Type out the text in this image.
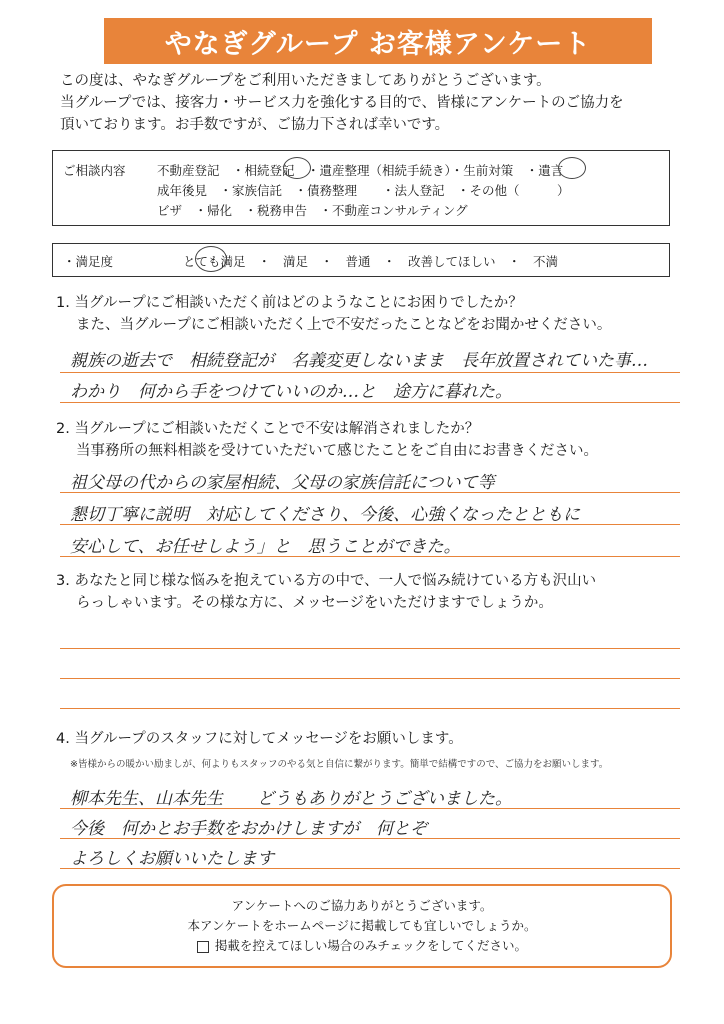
やなぎグループ お客様アンケート
この度は、やなぎグループをご利用いただきましてありがとうございます。
当グループでは、接客力・サービス力を強化する目的で、皆様にアンケートのご協力を
頂いております。お手数ですが、ご協力下されば幸いです。
ご相談内容	不動産登記　・相続登記　・遺産整理（相続手続き）・生前対策　・遺言
成年後見　・家族信託　・債務整理　　・法人登記　・その他（　　　）
ビザ　・帰化　・税務申告　・不動産コンサルティング
・満足度	とても満足　・　満足　・　普通　・　改善してほしい　・　不満
1. 当グループにご相談いただく前はどのようなことにお困りでしたか？
また、当グループにご相談いただく上で不安だったことなどをお聞かせください。
親族の逝去で　相続登記が　名義変更しないまま　長年放置されていた事…
わかり　何から手をつけていいのか…と　途方に暮れた。
2. 当グループにご相談いただくことで不安は解消されましたか？
当事務所の無料相談を受けていただいて感じたことをご自由にお書きください。
祖父母の代からの家屋相続、父母の家族信託について等
懇切丁寧に説明　対応してくださり、今後、心強くなったとともに
安心して、お任せしよう」と　思うことができた。
3. あなたと同じ様な悩みを抱えている方の中で、一人で悩み続けている方も沢山い
らっしゃいます。その様な方に、メッセージをいただけますでしょうか。
4. 当グループのスタッフに対してメッセージをお願いします。
※皆様からの暖かい励ましが、何よりもスタッフのやる気と自信に繋がります。簡単で結構ですので、ご協力をお願いします。
柳本先生、山本先生　　どうもありがとうございました。
今後　何かとお手数をおかけしますが　何とぞ
よろしくお願いいたします
アンケートへのご協力ありがとうございます。
本アンケートをホームページに掲載しても宜しいでしょうか。
掲載を控えてほしい場合のみチェックをしてください。
